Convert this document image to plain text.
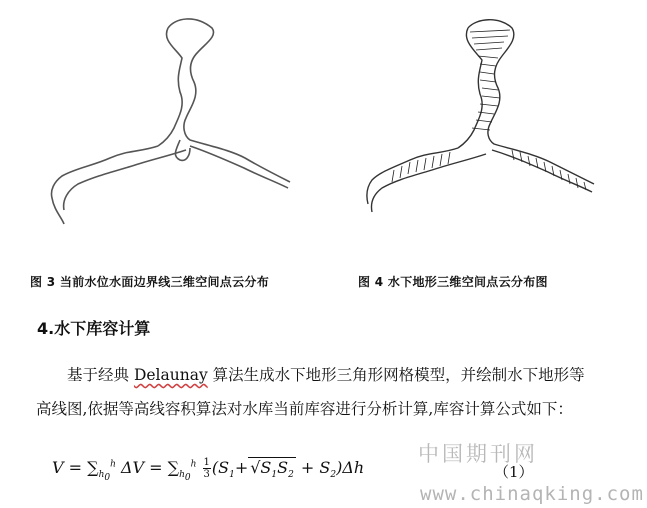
图 3 当前水位水面边界线三维空间点云分布	图 4 水下地形三维空间点云分布图
4.水下库容计算
  基于经典 Delaunay 算法生成水下地形三角形网格模型，并绘制水下地形等
高线图,依据等高线容积算法对水库当前库容进行分析计算,库容计算公式如下：
$V = \sum_{h_0}^h$ $\Delta V = \sum_{h_0}^h \frac{1}{3} (S_1+ √S_1S_2 + S_2)\Delta h$	（1）
中国期刊网
www.chinaqking.com
